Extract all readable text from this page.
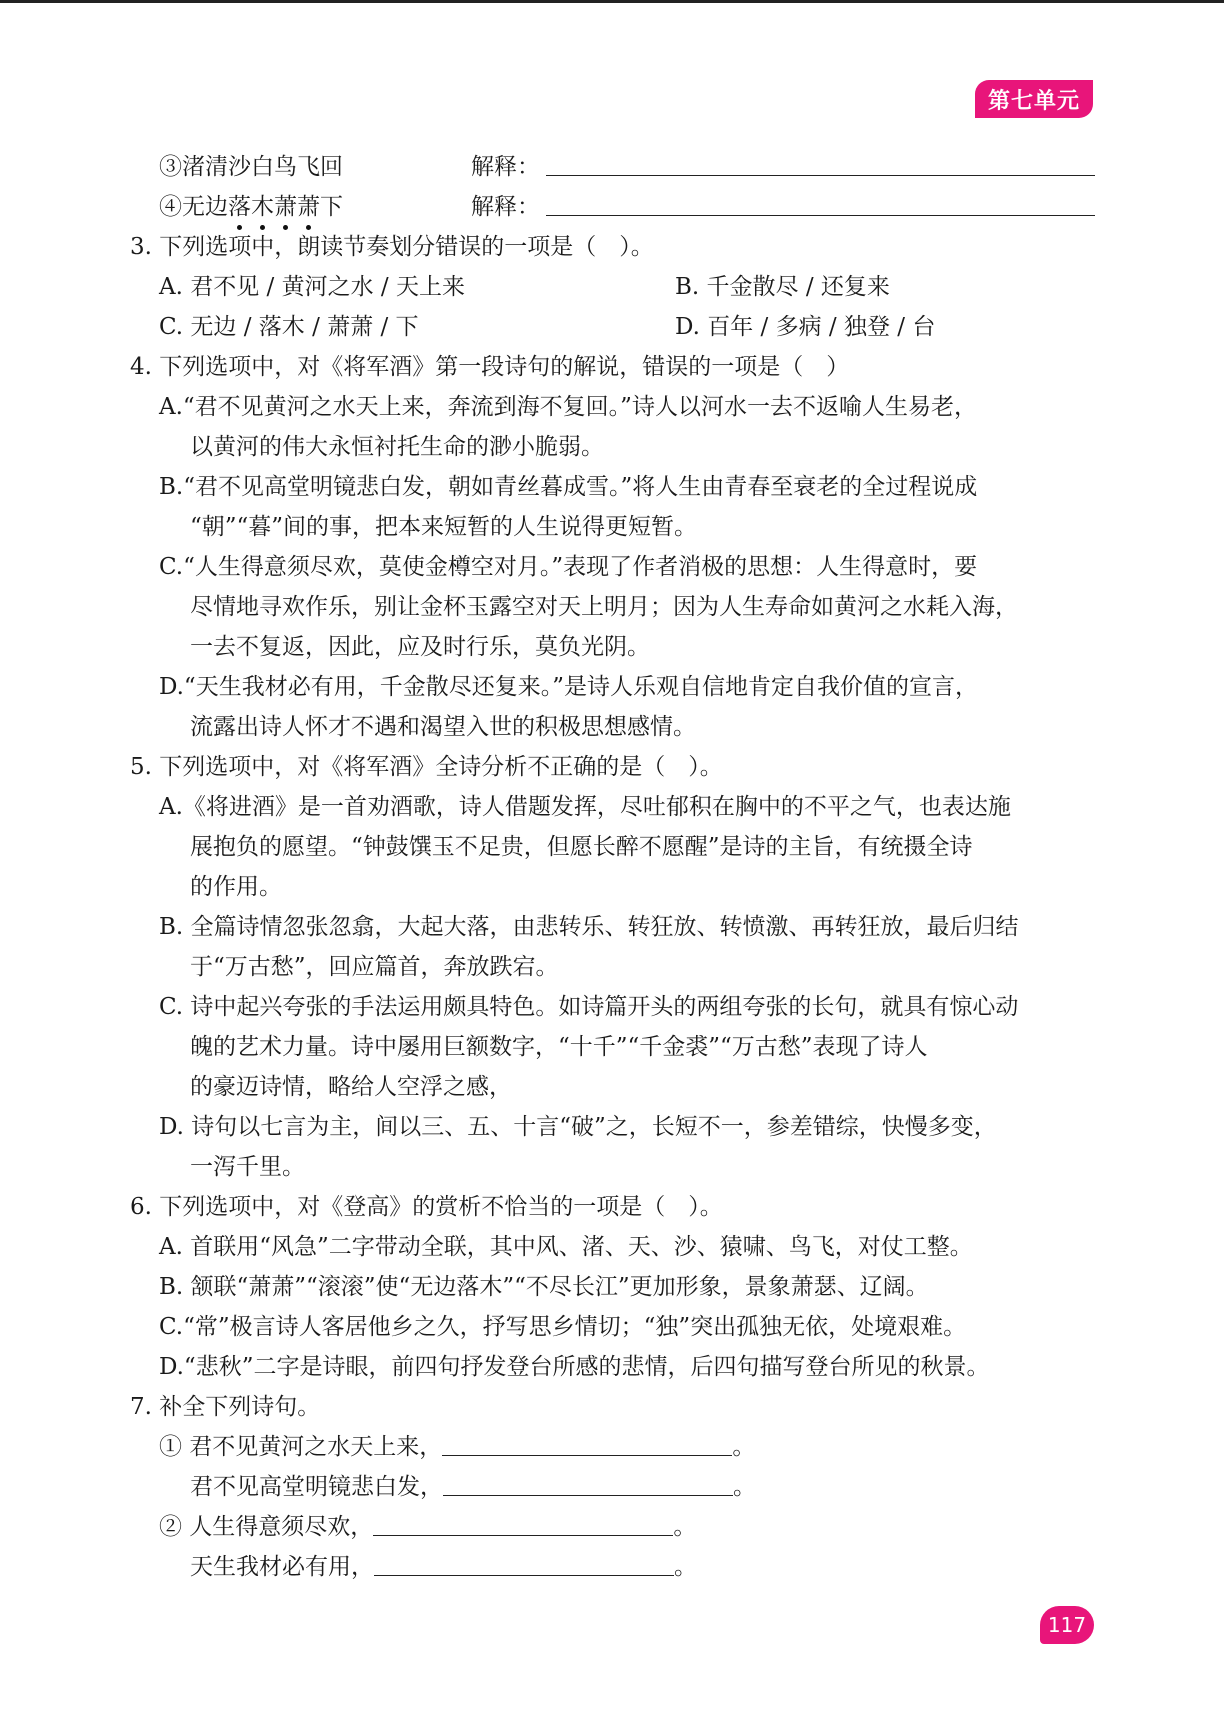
第七单元
③渚清沙白鸟飞回	解释：
④无边落木萧萧下	解释：
3. 下列选项中，朗读节奏划分错误的一项是（　）。
A. 君不见 / 黄河之水 / 天上来	B. 千金散尽 / 还复来
C. 无边 / 落木 / 萧萧 / 下	D. 百年 / 多病 / 独登 / 台
4. 下列选项中，对《将军酒》第一段诗句的解说，错误的一项是（　）
A.“君不见黄河之水天上来，奔流到海不复回。”诗人以河水一去不返喻人生易老，
以黄河的伟大永恒衬托生命的渺小脆弱。
B.“君不见高堂明镜悲白发，朝如青丝暮成雪。”将人生由青春至衰老的全过程说成
“朝”“暮”间的事，把本来短暂的人生说得更短暂。
C.“人生得意须尽欢，莫使金樽空对月。”表现了作者消极的思想：人生得意时，要
尽情地寻欢作乐，别让金杯玉露空对天上明月；因为人生寿命如黄河之水耗入海，
一去不复返，因此，应及时行乐，莫负光阴。
D.“天生我材必有用，千金散尽还复来。”是诗人乐观自信地肯定自我价值的宣言，
流露出诗人怀才不遇和渴望入世的积极思想感情。
5. 下列选项中，对《将军酒》全诗分析不正确的是（　）。
A.《将进酒》是一首劝酒歌，诗人借题发挥，尽吐郁积在胸中的不平之气，也表达施
展抱负的愿望。“钟鼓馔玉不足贵，但愿长醉不愿醒”是诗的主旨，有统摄全诗
的作用。
B. 全篇诗情忽张忽翕，大起大落，由悲转乐、转狂放、转愤激、再转狂放，最后归结
于“万古愁”，回应篇首，奔放跌宕。
C. 诗中起兴夸张的手法运用颇具特色。如诗篇开头的两组夸张的长句，就具有惊心动
魄的艺术力量。诗中屡用巨额数字，“十千”“千金裘”“万古愁”表现了诗人
的豪迈诗情，略给人空浮之感，
D. 诗句以七言为主，间以三、五、十言“破”之，长短不一，参差错综，快慢多变，
一泻千里。
6. 下列选项中，对《登高》的赏析不恰当的一项是（　）。
A. 首联用“风急”二字带动全联，其中风、渚、天、沙、猿啸、鸟飞，对仗工整。
B. 颔联“萧萧”“滚滚”使“无边落木”“不尽长江”更加形象，景象萧瑟、辽阔。
C.“常”极言诗人客居他乡之久，抒写思乡情切；“独”突出孤独无依，处境艰难。
D.“悲秋”二字是诗眼，前四句抒发登台所感的悲情，后四句描写登台所见的秋景。
7. 补全下列诗句。
① 君不见黄河之水天上来，	。
君不见高堂明镜悲白发，	。
② 人生得意须尽欢，	。
天生我材必有用，	。
117
